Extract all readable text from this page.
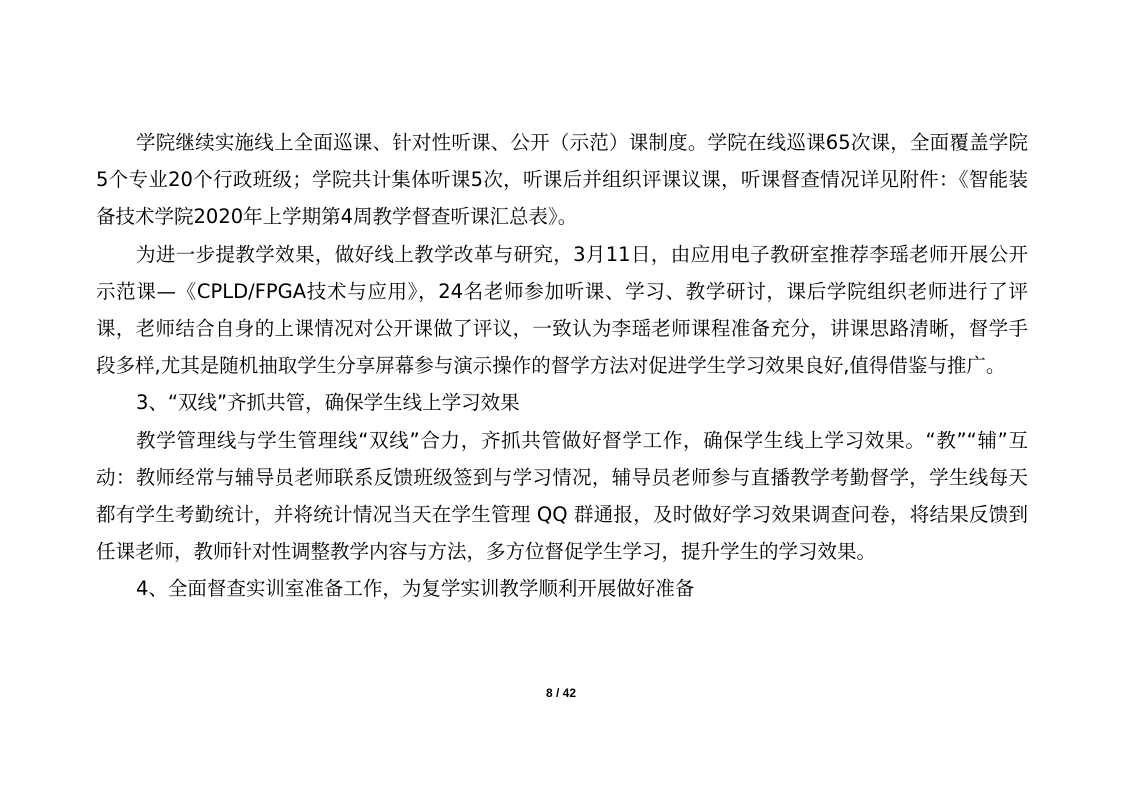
学院继续实施线上全面巡课、针对性听课、公开（示范）课制度。学院在线巡课65次课，全面覆盖学院5个专业20个行政班级；学院共计集体听课5次，听课后并组织评课议课，听课督查情况详见附件：《智能装备技术学院2020年上学期第4周教学督查听课汇总表》。

为进一步提教学效果，做好线上教学改革与研究，3月11日，由应用电子教研室推荐李瑶老师开展公开示范课—《CPLD/FPGA技术与应用》，24名老师参加听课、学习、教学研讨，课后学院组织老师进行了评课，老师结合自身的上课情况对公开课做了评议，一致认为李瑶老师课程准备充分，讲课思路清晰，督学手段多样,尤其是随机抽取学生分享屏幕参与演示操作的督学方法对促进学生学习效果良好,值得借鉴与推广。

3、“双线”齐抓共管，确保学生线上学习效果

教学管理线与学生管理线“双线”合力，齐抓共管做好督学工作，确保学生线上学习效果。“教”“辅”互动：教师经常与辅导员老师联系反馈班级签到与学习情况，辅导员老师参与直播教学考勤督学，学生线每天都有学生考勤统计，并将统计情况当天在学生管理 QQ 群通报，及时做好学习效果调查问卷，将结果反馈到任课老师，教师针对性调整教学内容与方法，多方位督促学生学习，提升学生的学习效果。

4、全面督查实训室准备工作，为复学实训教学顺利开展做好准备

8 / 42
